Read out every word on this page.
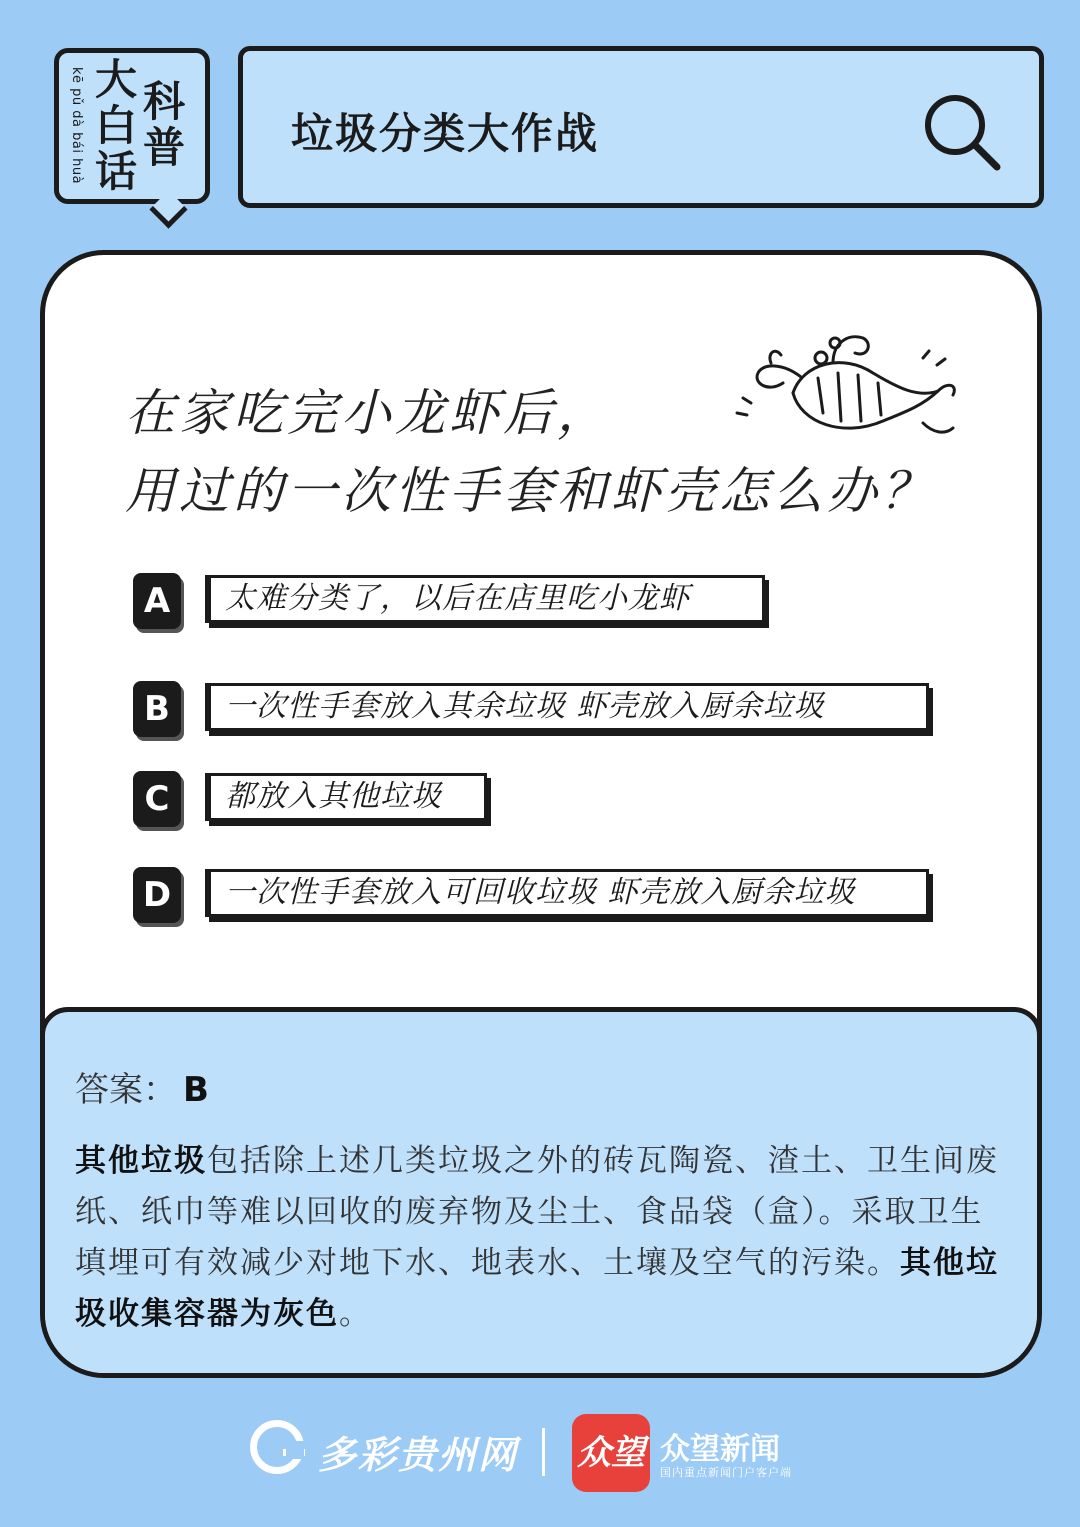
kē pǔ dà bái huà 大 科
白 普
话
垃圾分类大作战
在家吃完小龙虾后，
用过的一次性手套和虾壳怎么办？
A	太难分类了，以后在店里吃小龙虾
一次性手套放入其余垃圾 虾壳放入厨余垃圾
B
C	都放入其他垃圾
D	一次性手套放入可回收垃圾 虾壳放入厨余垃圾
答案： B
其他垃圾包括除上述几类垃圾之外的砖瓦陶瓷、渣土、卫生间废纸、纸巾等难以回收的废弃物及尘土、食品袋（盒）。采取卫生填埋可有效减少对地下水、地表水、土壤及空气的污染。其他垃圾收集容器为灰色。
多彩贵州网 众望 众望新闻
国内重点新闻门户客户端
